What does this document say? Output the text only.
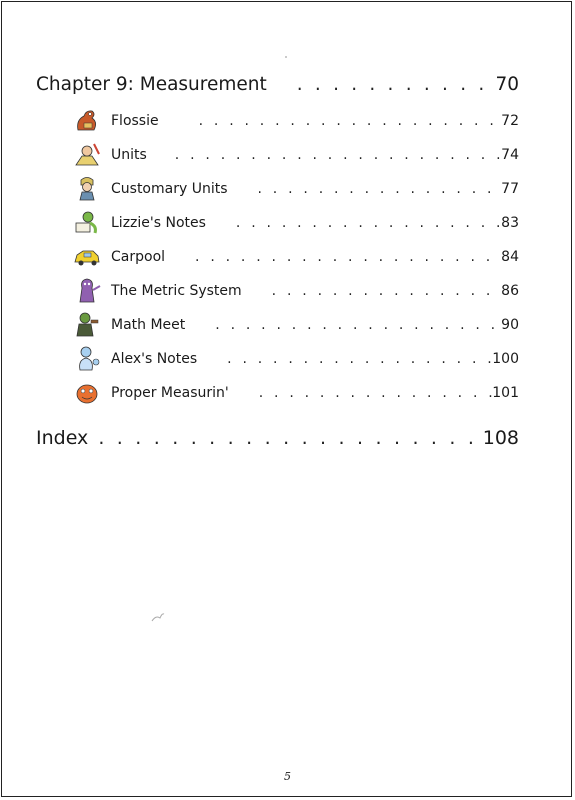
Chapter 9: Measurement . . .	70
Flossie . . .	72
Units . . .	74
Customary Units . . .	77
Lizzie's Notes . . .	83
Carpool . . .	84
The Metric System . . .	86
Math Meet . . .	90
Alex's Notes . . .	100
Proper Measurin' . . .	101
Index . . .	108
5
